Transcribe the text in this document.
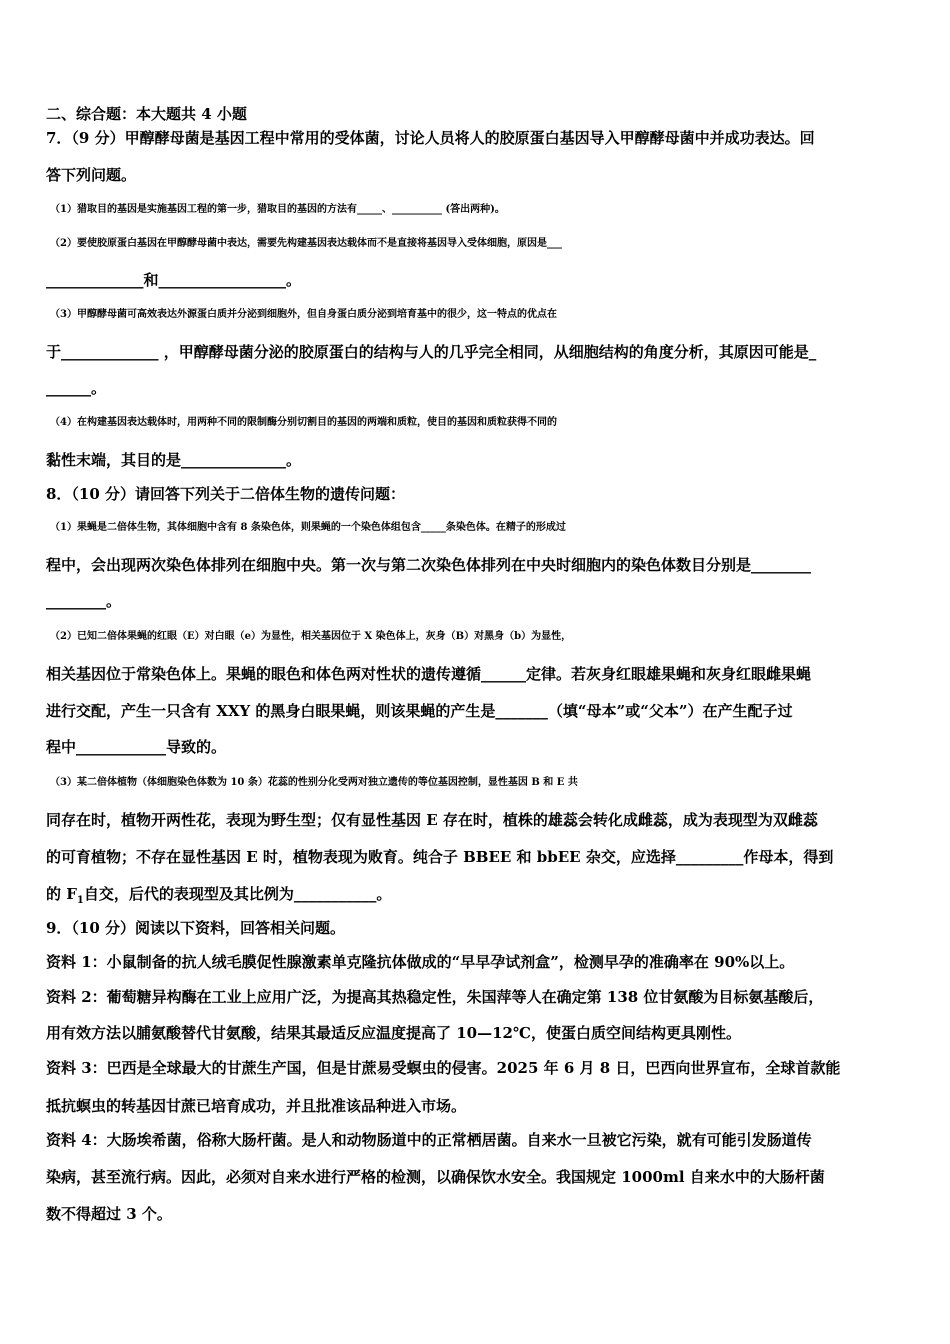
二、综合题：本大题共 4 小题
7．（9 分）甲醇酵母菌是基因工程中常用的受体菌，讨论人员将人的胶原蛋白基因导入甲醇酵母菌中并成功表达。回
答下列问题。
（1）猎取目的基因是实施基因工程的第一步，猎取目的基因的方法有_____、__________ (答出两种)。
（2）要使胶原蛋白基因在甲醇酵母菌中表达，需要先构建基因表达载体而不是直接将基因导入受体细胞，原因是___
_____________和_________________。
（3）甲醇酵母菌可高效表达外源蛋白质并分泌到细胞外，但自身蛋白质分泌到培育基中的很少，这一特点的优点在
于_____________ ，甲醇酵母菌分泌的胶原蛋白的结构与人的几乎完全相同，从细胞结构的角度分析，其原因可能是_
______。
（4）在构建基因表达载体时，用两种不同的限制酶分别切割目的基因的两端和质粒，使目的基因和质粒获得不同的
黏性末端，其目的是______________。
8．（10 分）请回答下列关于二倍体生物的遗传问题：
（1）果蝇是二倍体生物，其体细胞中含有 8 条染色体，则果蝇的一个染色体组包含_____条染色体。在精子的形成过
程中，会出现两次染色体排列在细胞中央。第一次与第二次染色体排列在中央时细胞内的染色体数目分别是________
________。
（2）已知二倍体果蝇的红眼（E）对白眼（e）为显性，相关基因位于 X 染色体上，灰身（B）对黑身（b）为显性，
相关基因位于常染色体上。果蝇的眼色和体色两对性状的遗传遵循______定律。若灰身红眼雄果蝇和灰身红眼雌果蝇
进行交配，产生一只含有 XXY 的黑身白眼果蝇，则该果蝇的产生是_______（填“母本”或“父本”）在产生配子过
程中____________导致的。
（3）某二倍体植物（体细胞染色体数为 10 条）花蕊的性别分化受两对独立遗传的等位基因控制，显性基因 B 和 E 共
同存在时，植物开两性花，表现为野生型；仅有显性基因 E 存在时，植株的雄蕊会转化成雌蕊，成为表现型为双雌蕊
的可育植物；不存在显性基因 E 时，植物表现为败育。纯合子 BBEE 和 bbEE 杂交，应选择_________作母本，得到
的 $F_1$自交，后代的表现型及其比例为___________。
9．（10 分）阅读以下资料，回答相关问题。
资料 1：小鼠制备的抗人绒毛膜促性腺激素单克隆抗体做成的“早早孕试剂盒”，检测早孕的准确率在 90%以上。
资料 2：葡萄糖异构酶在工业上应用广泛，为提高其热稳定性，朱国萍等人在确定第 138 位甘氨酸为目标氨基酸后，
用有效方法以脯氨酸替代甘氨酸，结果其最适反应温度提高了 10—12℃，使蛋白质空间结构更具刚性。
资料 3：巴西是全球最大的甘蔗生产国，但是甘蔗易受螟虫的侵害。2025 年 6 月 8 日，巴西向世界宣布，全球首款能
抵抗螟虫的转基因甘蔗已培育成功，并且批准该品种进入市场。
资料 4：大肠埃希菌，俗称大肠杆菌。是人和动物肠道中的正常栖居菌。自来水一旦被它污染，就有可能引发肠道传
染病，甚至流行病。因此，必须对自来水进行严格的检测，以确保饮水安全。我国规定 1000ml 自来水中的大肠杆菌
数不得超过 3 个。
